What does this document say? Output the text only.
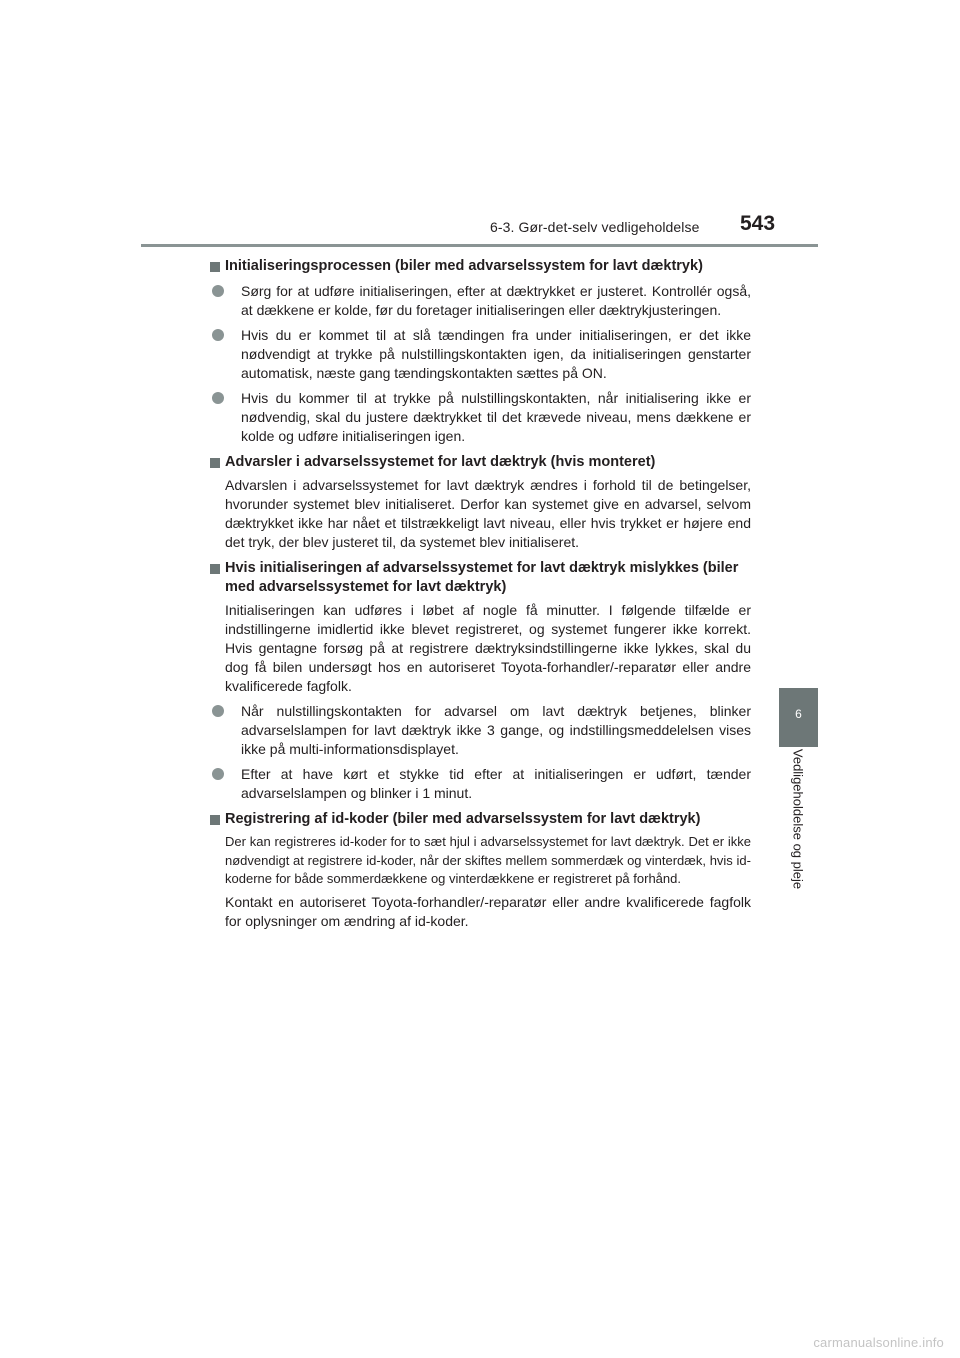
6-3. Gør-det-selv vedligeholdelse 543
6
Vedligeholdelse og pleje
Initialiseringsprocessen (biler med advarselssystem for lavt dæktryk)
Sørg for at udføre initialiseringen, efter at dæktrykket er justeret. Kontrollér også, at dækkene er kolde, før du foretager initialiseringen eller dæktrykjusteringen.
Hvis du er kommet til at slå tændingen fra under initialiseringen, er det ikke nødvendigt at trykke på nulstillingskontakten igen, da initialiseringen genstarter automatisk, næste gang tændingskontakten sættes på ON.
Hvis du kommer til at trykke på nulstillingskontakten, når initialisering ikke er nødvendig, skal du justere dæktrykket til det krævede niveau, mens dækkene er kolde og udføre initialiseringen igen.
Advarsler i advarselssystemet for lavt dæktryk (hvis monteret)
Advarslen i advarselssystemet for lavt dæktryk ændres i forhold til de betingelser, hvorunder systemet blev initialiseret. Derfor kan systemet give en advarsel, selvom dæktrykket ikke har nået et tilstrækkeligt lavt niveau, eller hvis trykket er højere end det tryk, der blev justeret til, da systemet blev initialiseret.
Hvis initialiseringen af advarselssystemet for lavt dæktryk mislykkes (biler med advarselssystemet for lavt dæktryk)
Initialiseringen kan udføres i løbet af nogle få minutter. I følgende tilfælde er indstillingerne imidlertid ikke blevet registreret, og systemet fungerer ikke korrekt. Hvis gentagne forsøg på at registrere dæktryksindstillingerne ikke lykkes, skal du dog få bilen undersøgt hos en autoriseret Toyota-forhandler/-reparatør eller andre kvalificerede fagfolk.
Når nulstillingskontakten for advarsel om lavt dæktryk betjenes, blinker advarselslampen for lavt dæktryk ikke 3 gange, og indstillingsmeddelelsen vises ikke på multi-informationsdisplayet.
Efter at have kørt et stykke tid efter at initialiseringen er udført, tænder advarselslampen og blinker i 1 minut.
Registrering af id-koder (biler med advarselssystem for lavt dæktryk)
Der kan registreres id-koder for to sæt hjul i advarselssystemet for lavt dæktryk. Det er ikke nødvendigt at registrere id-koder, når der skiftes mellem sommerdæk og vinterdæk, hvis id-koderne for både sommerdækkene og vinterdækkene er registreret på forhånd.
Kontakt en autoriseret Toyota-forhandler/-reparatør eller andre kvalificerede fagfolk for oplysninger om ændring af id-koder.
carmanualsonline.info
